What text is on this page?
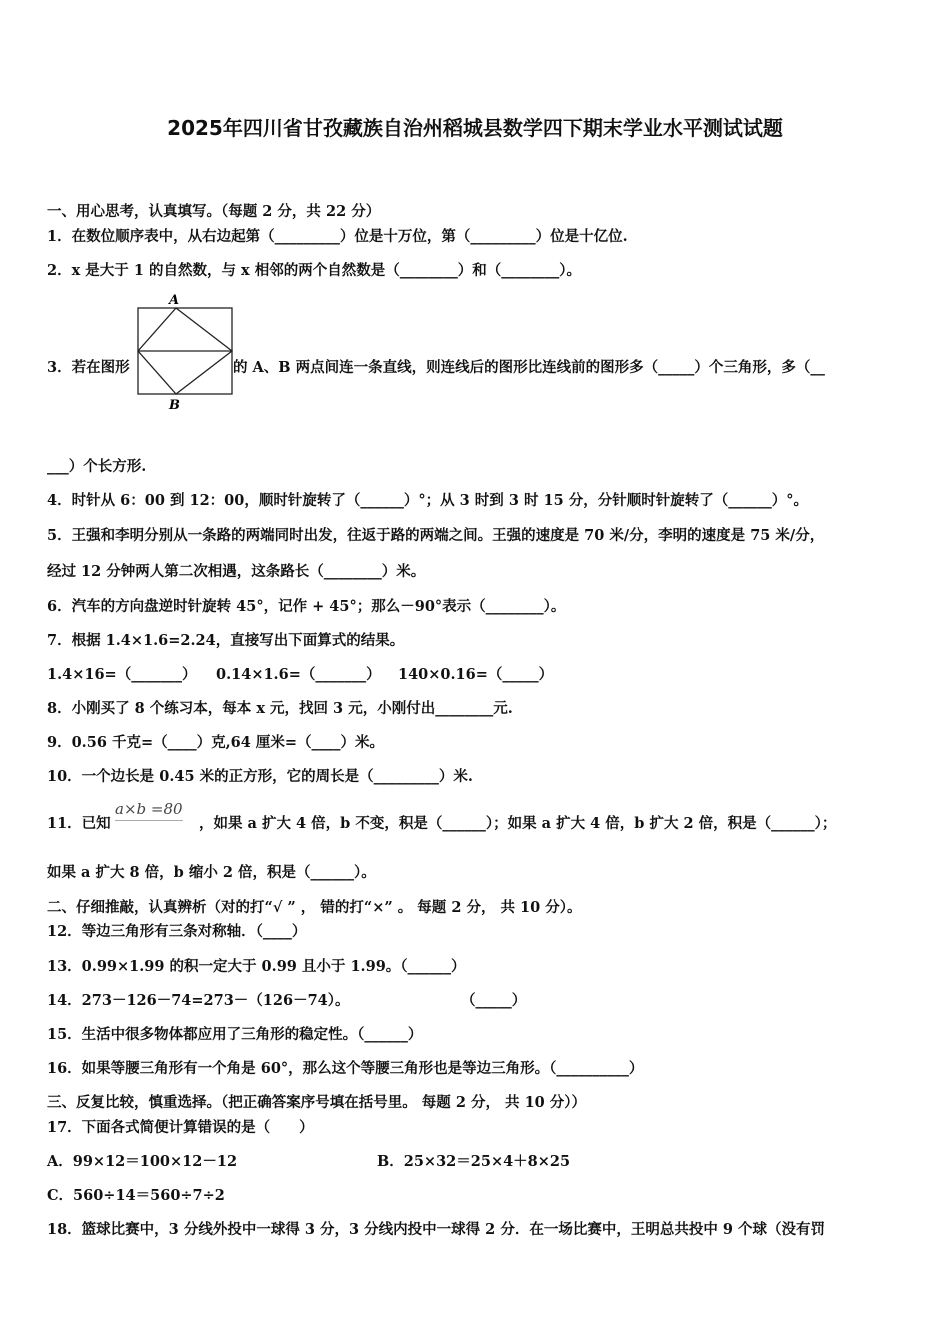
2025年四川省甘孜藏族自治州稻城县数学四下期末学业水平测试试题
一、用心思考，认真填写。（每题 2 分，共 22 分）
1．在数位顺序表中，从右边起第（_________）位是十万位，第（_________）位是十亿位.
2．x 是大于 1 的自然数，与 x 相邻的两个自然数是（________）和（________）。
3．若在图形
A
B
的 A、B 两点间连一条直线，则连线后的图形比连线前的图形多（_____）个三角形，多（__
___）个长方形.
4．时针从 6：00 到 12：00，顺时针旋转了（______）°；从 3 时到 3 时 15 分，分针顺时针旋转了（______）°。
5．王强和李明分别从一条路的两端同时出发，往返于路的两端之间。王强的速度是 70 米/分，李明的速度是 75 米/分，
经过 12 分钟两人第二次相遇，这条路长（________）米。
6．汽车的方向盘逆时针旋转 45°，记作 + 45°；那么－90°表示（________）。
7．根据 1.4×1.6=2.24，直接写出下面算式的结果。
1.4×16=（_______） 0.14×1.6=（_______） 140×0.16=（_____）
8．小刚买了 8 个练习本，每本 x 元，找回 3 元，小刚付出________元.
9．0.56 千克=（____）克,64 厘米=（____）米。
10．一个边长是 0.45 米的正方形，它的周长是（_________）米.
11．已知
a×b =80
，如果 a 扩大 4 倍，b 不变，积是（______）；如果 a 扩大 4 倍，b 扩大 2 倍，积是（______）；
如果 a 扩大 8 倍，b 缩小 2 倍，积是（______）。
二、仔细推敲，认真辨析（对的打“√ ” ， 错的打“×” 。 每题 2 分， 共 10 分）。
12．等边三角形有三条对称轴．（____）
13．0.99×1.99 的积一定大于 0.99 且小于 1.99。（______）
14．273－126－74=273－（126－74）。	（_____）
15．生活中很多物体都应用了三角形的稳定性。（______）
16．如果等腰三角形有一个角是 60°，那么这个等腰三角形也是等边三角形。（__________）
三、反复比较，慎重选择。（把正确答案序号填在括号里。 每题 2 分， 共 10 分））
17．下面各式简便计算错误的是（　　）
A．99×12＝100×12－12	B．25×32＝25×4＋8×25
C．560÷14＝560÷7÷2
18．篮球比赛中，3 分线外投中一球得 3 分，3 分线内投中一球得 2 分．在一场比赛中，王明总共投中 9 个球（没有罚
